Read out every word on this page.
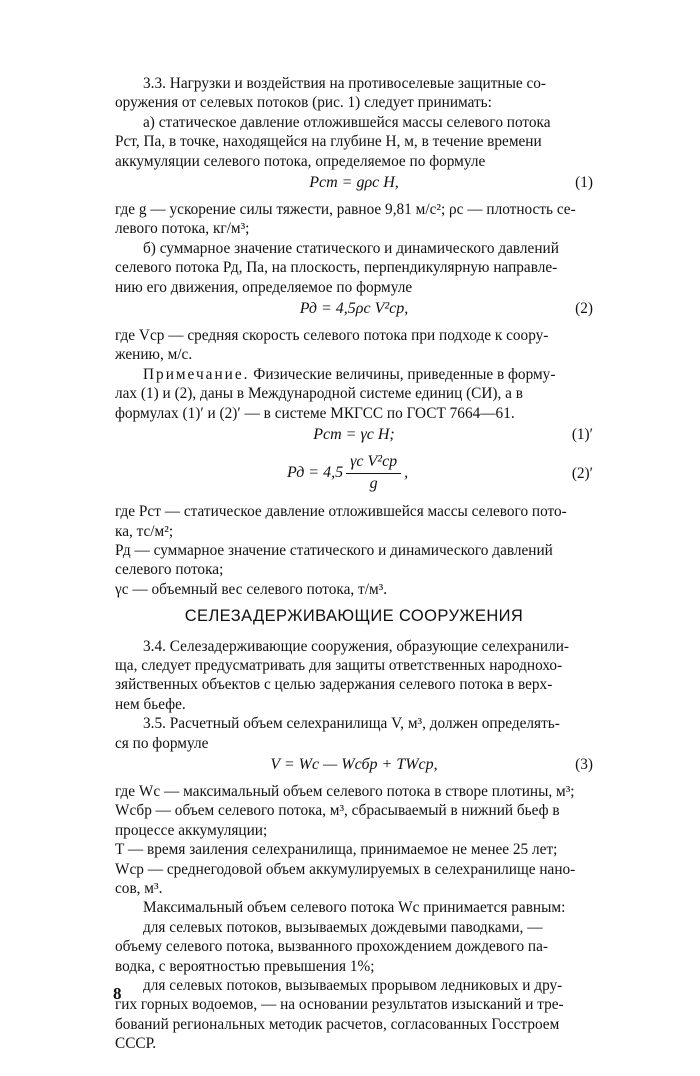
3.3. Нагрузки и воздействия на противоселевые защитные со-
оружения от селевых потоков (рис. 1) следует принимать:

а) статическое давление отложившейся массы селевого потока
Рст, Па, в точке, находящейся на глубине Н, м, в течение времени
аккумуляции селевого потока, определяемое по формуле

Рст = gρс H,	(1)

где g — ускорение силы тяжести, равное 9,81 м/с²; ρс — плотность се-
левого потока, кг/м³;

б) суммарное значение статического и динамического давлений
селевого потока Рд, Па, на плоскость, перпендикулярную направле-
нию его движения, определяемое по формуле

Рд = 4,5ρс V²ср,	(2)

где Vср — средняя скорость селевого потока при подходе к соору-
жению, м/с.

Примечание. Физические величины, приведенные в форму-
лах (1) и (2), даны в Международной системе единиц (СИ), а в
формулах (1)′ и (2)′ — в системе МКГСС по ГОСТ 7664—61.

Рст = γс H;	(1)′
Рд = $4,5 \frac{\text{γс V²ср}}{g}$ ,	(2)′

где Рст — статическое давление отложившейся массы селевого пото-
ка, тс/м²;

Рд — суммарное значение статического и динамического давлений
селевого потока;

γс — объемный вес селевого потока, т/м³.

СЕЛЕЗАДЕРЖИВАЮЩИЕ СООРУЖЕНИЯ

3.4. Селезадерживающие сооружения, образующие селехранили-
ща, следует предусматривать для защиты ответственных народнохо-
зяйственных объектов с целью задержания селевого потока в верх-
нем бьефе.

3.5. Расчетный объем селехранилища V, м³, должен определять-
ся по формуле

V = Wс — Wсбр + TWср,	(3)

где Wс — максимальный объем селевого потока в створе плотины, м³;

Wсбр — объем селевого потока, м³, сбрасываемый в нижний бьеф в
процессе аккумуляции;

T — время заиления селехранилища, принимаемое не менее 25 лет;

Wср — среднегодовой объем аккумулируемых в селехранилище нано-
сов, м³.

Максимальный объем селевого потока Wс принимается равным:

для селевых потоков, вызываемых дождевыми паводками, —
объему селевого потока, вызванного прохождением дождевого па-
водка, с вероятностью превышения 1%;

для селевых потоков, вызываемых прорывом ледниковых и дру-
гих горных водоемов, — на основании результатов изысканий и тре-
бований региональных методик расчетов, согласованных Госстроем
СССР.

8
